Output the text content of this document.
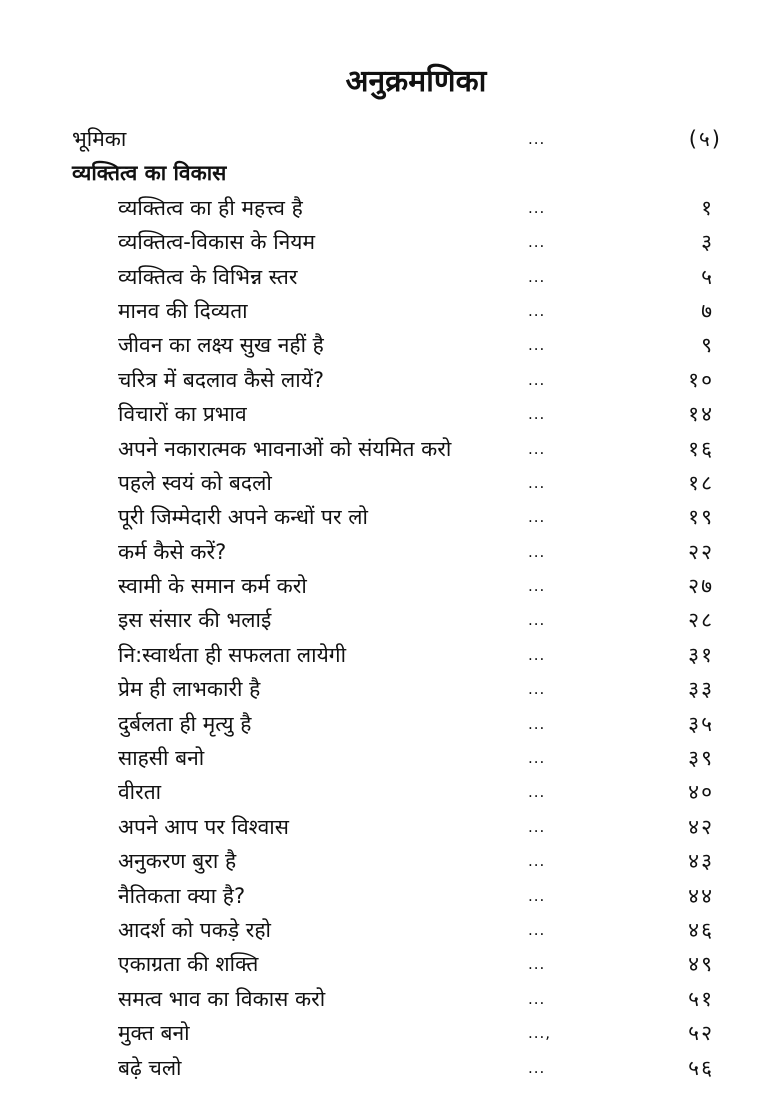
अनुक्रमणिका
भूमिका	...	(५)
व्यक्तित्व का विकास
व्यक्तित्व का ही महत्त्व है	...	१
व्यक्तित्व-विकास के नियम	...	३
व्यक्तित्व के विभिन्न स्तर	...	५
मानव की दिव्यता	...	७
जीवन का लक्ष्य सुख नहीं है	...	९
चरित्र में बदलाव कैसे लायें?	...	१०
विचारों का प्रभाव	...	१४
अपने नकारात्मक भावनाओं को संयमित करो	...	१६
पहले स्वयं को बदलो	...	१८
पूरी जिम्मेदारी अपने कन्धों पर लो	...	१९
कर्म कैसे करें?	...	२२
स्वामी के समान कर्म करो	...	२७
इस संसार की भलाई	...	२८
नि:स्वार्थता ही सफलता लायेगी	...	३१
प्रेम ही लाभकारी है	...	३३
दुर्बलता ही मृत्यु है	...	३५
साहसी बनो	...	३९
वीरता	...	४०
अपने आप पर विश्वास	...	४२
अनुकरण बुरा है	...	४३
नैतिकता क्या है?	...	४४
आदर्श को पकड़े रहो	...	४६
एकाग्रता की शक्ति	...	४९
समत्व भाव का विकास करो	...	५१
मुक्त बनो	...,	५२
बढ़े चलो	...	५६
